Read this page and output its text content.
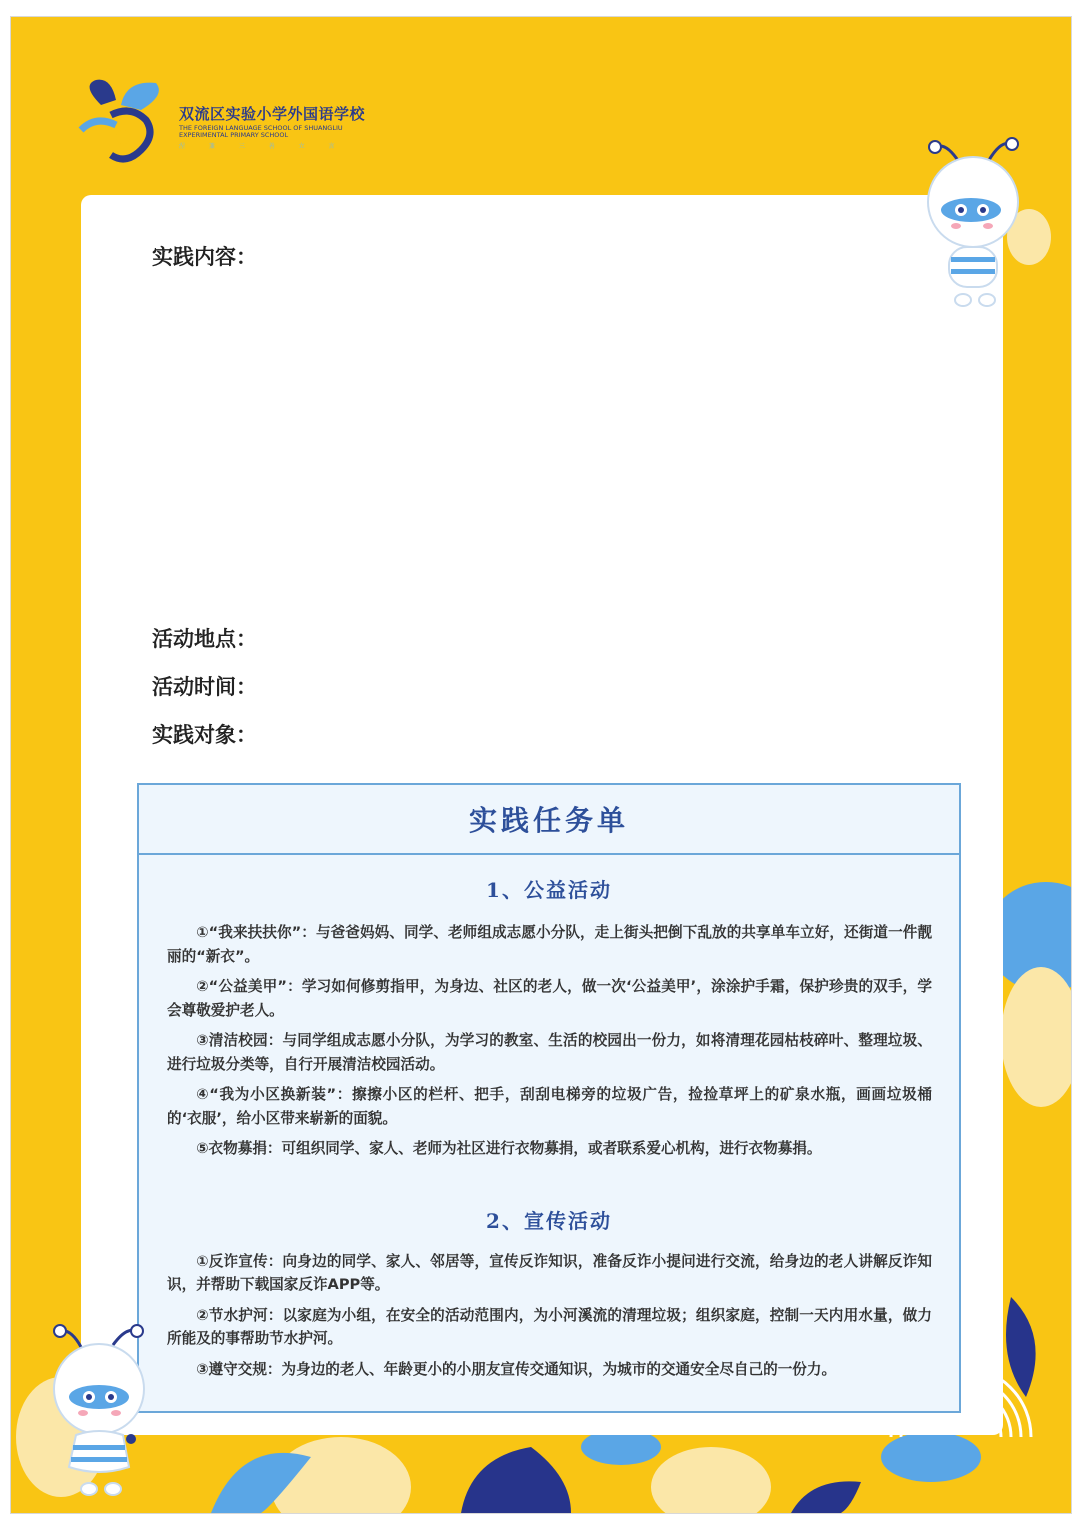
双流区实验小学外国语学校
THE FOREIGN LANGUAGE SCHOOL OF SHUANGLIU EXPERIMENTAL PRIMARY SCHOOL
涅 兼 三 善 立 言
实践内容：
活动地点：
活动时间：
实践对象：
实践任务单
1、公益活动
①“我来扶扶你”：与爸爸妈妈、同学、老师组成志愿小分队，走上街头把倒下乱放的共享单车立好，还街道一件靓丽的“新衣”。
②“公益美甲”：学习如何修剪指甲，为身边、社区的老人，做一次‘公益美甲’，涂涂护手霜，保护珍贵的双手，学会尊敬爱护老人。
③清洁校园：与同学组成志愿小分队，为学习的教室、生活的校园出一份力，如将清理花园枯枝碎叶、整理垃圾、进行垃圾分类等，自行开展清洁校园活动。
④“我为小区换新装”：擦擦小区的栏杆、把手，刮刮电梯旁的垃圾广告，捡捡草坪上的矿泉水瓶，画画垃圾桶的‘衣服’，给小区带来崭新的面貌。
⑤衣物募捐：可组织同学、家人、老师为社区进行衣物募捐，或者联系爱心机构，进行衣物募捐。
2、宣传活动
①反诈宣传：向身边的同学、家人、邻居等，宣传反诈知识，准备反诈小提问进行交流，给身边的老人讲解反诈知识，并帮助下载国家反诈APP等。
②节水护河：以家庭为小组，在安全的活动范围内，为小河溪流的清理垃圾；组织家庭，控制一天内用水量，做力所能及的事帮助节水护河。
③遵守交规：为身边的老人、年龄更小的小朋友宣传交通知识，为城市的交通安全尽自己的一份力。
